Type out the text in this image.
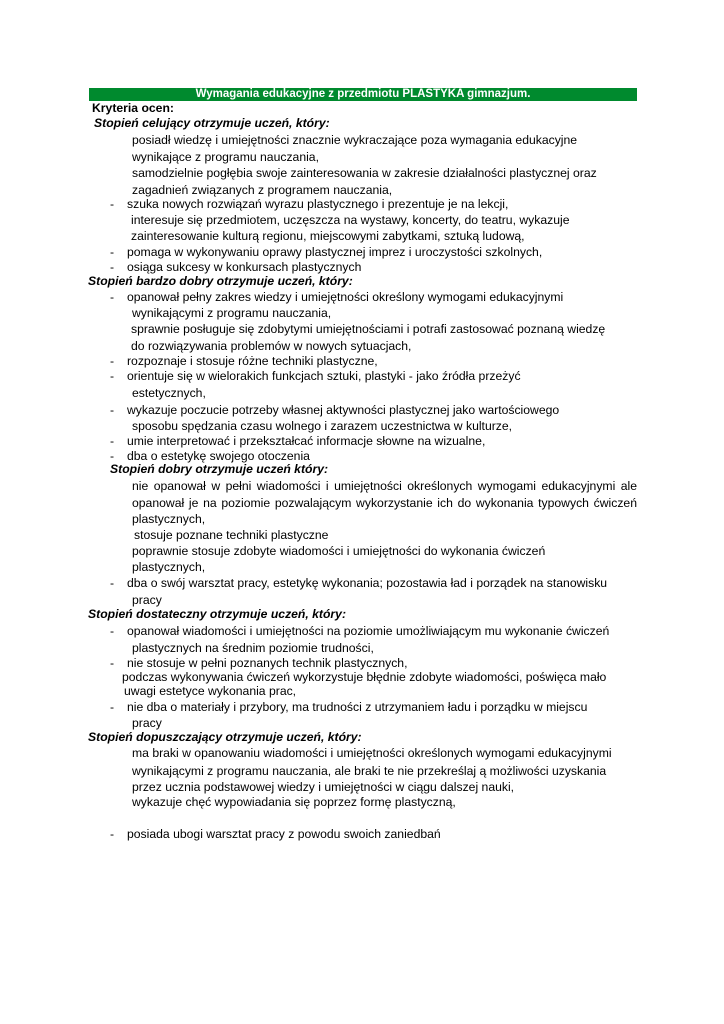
Wymagania edukacyjne z przedmiotu PLASTYKA gimnazjum.
Kryteria ocen:
Stopień celujący otrzymuje uczeń, który:
posiadł wiedzę i umiejętności znacznie wykraczające poza wymagania edukacyjne
wynikające z programu nauczania,
samodzielnie pogłębia swoje zainteresowania w zakresie działalności plastycznej oraz
zagadnień związanych z programem nauczania,
- szuka nowych rozwiązań wyrazu plastycznego i prezentuje je na lekcji,
interesuje się przedmiotem, uczęszcza na wystawy, koncerty, do teatru, wykazuje
zainteresowanie kulturą regionu, miejscowymi zabytkami, sztuką ludową,
- pomaga w wykonywaniu oprawy plastycznej imprez i uroczystości szkolnych,
- osiąga sukcesy w konkursach plastycznych
Stopień bardzo dobry otrzymuje uczeń, który:
- opanował pełny zakres wiedzy i umiejętności określony wymogami edukacyjnymi
wynikającymi z programu nauczania,
sprawnie posługuje się zdobytymi umiejętnościami i potrafi zastosować poznaną wiedzę
do rozwiązywania problemów w nowych sytuacjach,
- rozpoznaje i stosuje różne techniki plastyczne,
- orientuje się w wielorakich funkcjach sztuki, plastyki - jako źródła przeżyć
estetycznych,
- wykazuje poczucie potrzeby własnej aktywności plastycznej jako wartościowego
sposobu spędzania czasu wolnego i zarazem uczestnictwa w kulturze,
- umie interpretować i przekształcać informacje słowne na wizualne,
- dba o estetykę swojego otoczenia
Stopień dobry otrzymuje uczeń który:
nie opanował w pełni wiadomości i umiejętności określonych wymogami edukacyjnymi ale
opanował je na poziomie pozwalającym wykorzystanie ich do wykonania typowych ćwiczeń
plastycznych,
stosuje poznane techniki plastyczne
poprawnie stosuje zdobyte wiadomości i umiejętności do wykonania ćwiczeń
plastycznych,
- dba o swój warsztat pracy, estetykę wykonania; pozostawia ład i porządek na stanowisku
pracy
Stopień dostateczny otrzymuje uczeń, który:
- opanował wiadomości i umiejętności na poziomie umożliwiającym mu wykonanie ćwiczeń
plastycznych na średnim poziomie trudności,
- nie stosuje w pełni poznanych technik plastycznych,
podczas wykonywania ćwiczeń wykorzystuje błędnie zdobyte wiadomości, poświęca mało
uwagi estetyce wykonania prac,
- nie dba o materiały i przybory, ma trudności z utrzymaniem ładu i porządku w miejscu
pracy
Stopień dopuszczający otrzymuje uczeń, który:
ma braki w opanowaniu wiadomości i umiejętności określonych wymogami edukacyjnymi
wynikającymi z programu nauczania, ale braki te nie przekreślaj ą możliwości uzyskania
przez ucznia podstawowej wiedzy i umiejętności w ciągu dalszej nauki,
wykazuje chęć wypowiadania się poprzez formę plastyczną,
- posiada ubogi warsztat pracy z powodu swoich zaniedbań
